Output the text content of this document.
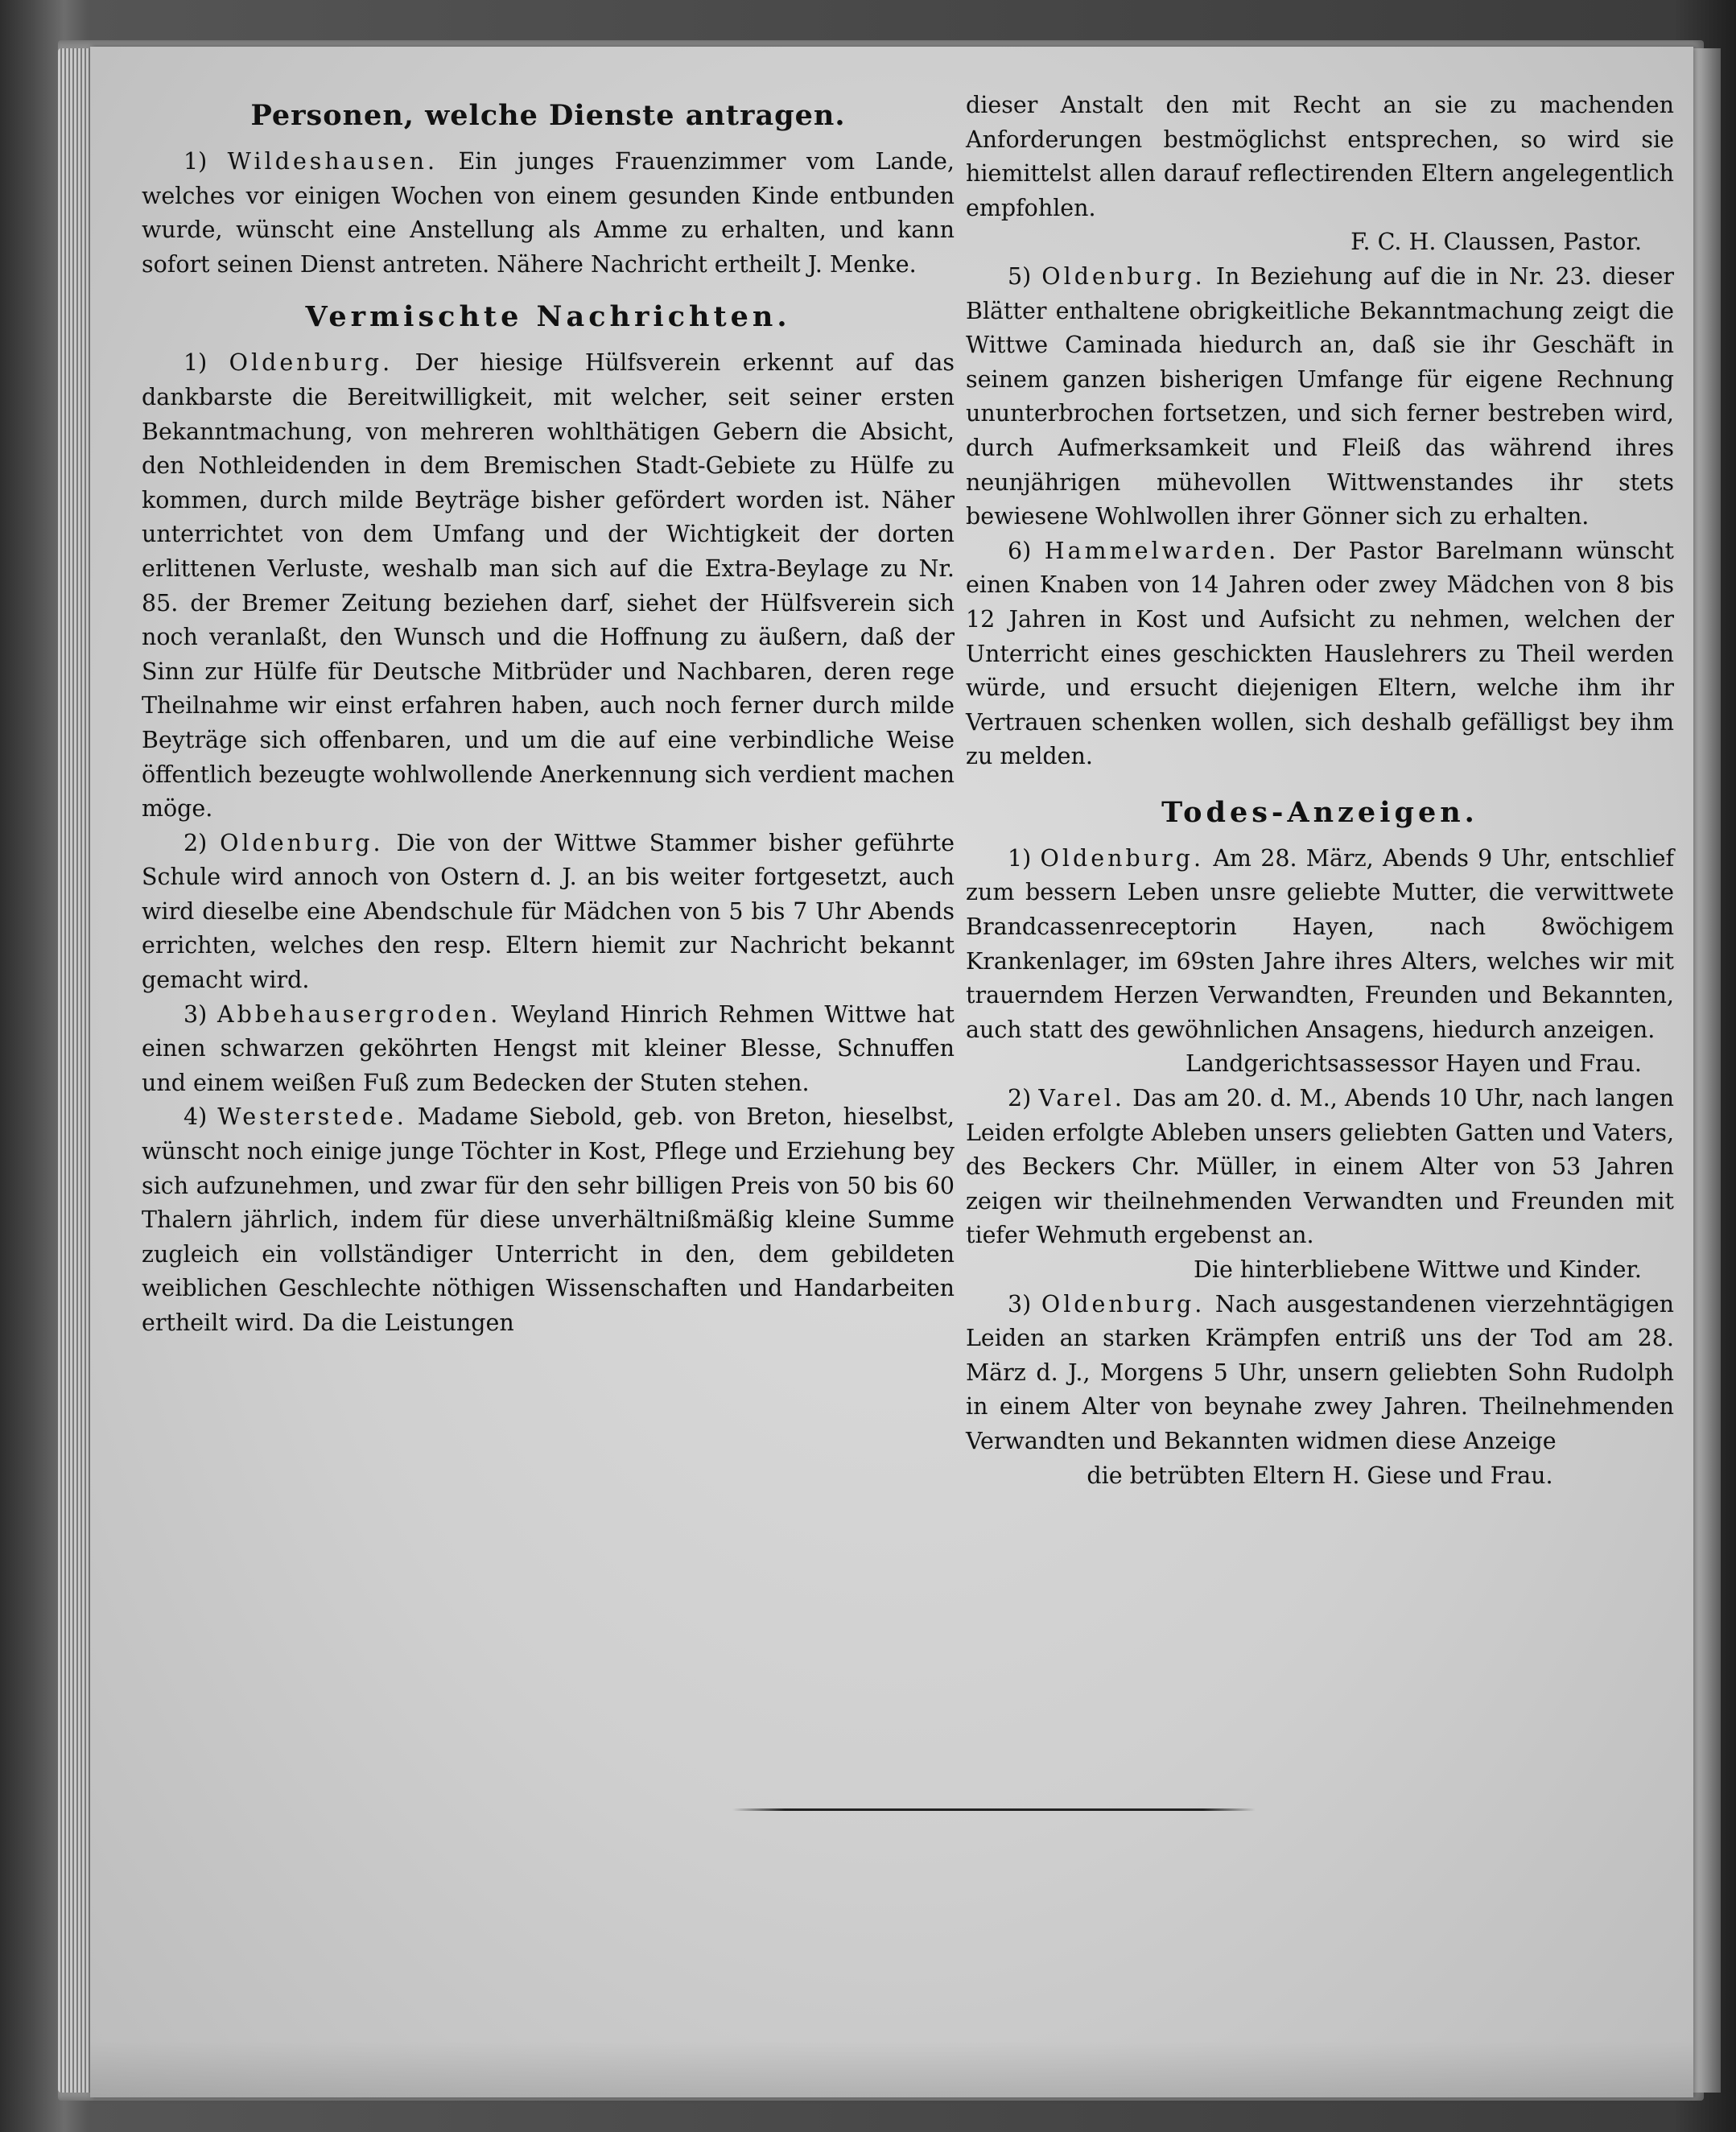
Personen, welche Dienste antragen.

1) Wildeshausen. Ein junges Frauenzimmer vom Lande, welches vor einigen Wochen von einem gesunden Kinde entbunden wurde, wünscht eine Anstellung als Amme zu erhalten, und kann sofort seinen Dienst antreten. Nähere Nachricht ertheilt J. Menke.

Vermischte Nachrichten.

1) Oldenburg. Der hiesige Hülfsverein erkennt auf das dankbarste die Bereitwilligkeit, mit welcher, seit seiner ersten Bekanntmachung, von mehreren wohlthätigen Gebern die Absicht, den Nothleidenden in dem Bremischen Stadt-Gebiete zu Hülfe zu kommen, durch milde Beyträge bisher gefördert worden ist. Näher unterrichtet von dem Umfang und der Wichtigkeit der dorten erlittenen Verluste, weshalb man sich auf die Extra-Beylage zu Nr. 85. der Bremer Zeitung beziehen darf, siehet der Hülfsverein sich noch veranlaßt, den Wunsch und die Hoffnung zu äußern, daß der Sinn zur Hülfe für Deutsche Mitbrüder und Nachbaren, deren rege Theilnahme wir einst erfahren haben, auch noch ferner durch milde Beyträge sich offenbaren, und um die auf eine verbindliche Weise öffentlich bezeugte wohlwollende Anerkennung sich verdient machen möge.

2) Oldenburg. Die von der Wittwe Stammer bisher geführte Schule wird annoch von Ostern d. J. an bis weiter fortgesetzt, auch wird dieselbe eine Abendschule für Mädchen von 5 bis 7 Uhr Abends errichten, welches den resp. Eltern hiemit zur Nachricht bekannt gemacht wird.

3) Abbehausergroden. Weyland Hinrich Rehmen Wittwe hat einen schwarzen geköhrten Hengst mit kleiner Blesse, Schnuffen und einem weißen Fuß zum Bedecken der Stuten stehen.

4) Westerstede. Madame Siebold, geb. von Breton, hieselbst, wünscht noch einige junge Töchter in Kost, Pflege und Erziehung bey sich aufzunehmen, und zwar für den sehr billigen Preis von 50 bis 60 Thalern jährlich, indem für diese unverhältnißmäßig kleine Summe zugleich ein vollständiger Unterricht in den, dem gebildeten weiblichen Geschlechte nöthigen Wissenschaften und Handarbeiten ertheilt wird. Da die Leistungen

dieser Anstalt den mit Recht an sie zu machenden Anforderungen bestmöglichst entsprechen, so wird sie hiemittelst allen darauf reflectirenden Eltern angelegentlich empfohlen.

F. C. H. Claussen, Pastor.

5) Oldenburg. In Beziehung auf die in Nr. 23. dieser Blätter enthaltene obrigkeitliche Bekanntmachung zeigt die Wittwe Caminada hiedurch an, daß sie ihr Geschäft in seinem ganzen bisherigen Umfange für eigene Rechnung ununterbrochen fortsetzen, und sich ferner bestreben wird, durch Aufmerksamkeit und Fleiß das während ihres neunjährigen mühevollen Wittwenstandes ihr stets bewiesene Wohlwollen ihrer Gönner sich zu erhalten.

6) Hammelwarden. Der Pastor Barelmann wünscht einen Knaben von 14 Jahren oder zwey Mädchen von 8 bis 12 Jahren in Kost und Aufsicht zu nehmen, welchen der Unterricht eines geschickten Hauslehrers zu Theil werden würde, und ersucht diejenigen Eltern, welche ihm ihr Vertrauen schenken wollen, sich deshalb gefälligst bey ihm zu melden.

Todes-Anzeigen.

1) Oldenburg. Am 28. März, Abends 9 Uhr, entschlief zum bessern Leben unsre geliebte Mutter, die verwittwete Brandcassenreceptorin Hayen, nach 8wöchigem Krankenlager, im 69sten Jahre ihres Alters, welches wir mit trauerndem Herzen Verwandten, Freunden und Bekannten, auch statt des gewöhnlichen Ansagens, hiedurch anzeigen.

Landgerichtsassessor Hayen und Frau.

2) Varel. Das am 20. d. M., Abends 10 Uhr, nach langen Leiden erfolgte Ableben unsers geliebten Gatten und Vaters, des Beckers Chr. Müller, in einem Alter von 53 Jahren zeigen wir theilnehmenden Verwandten und Freunden mit tiefer Wehmuth ergebenst an.

Die hinterbliebene Wittwe und Kinder.

3) Oldenburg. Nach ausgestandenen vierzehntägigen Leiden an starken Krämpfen entriß uns der Tod am 28. März d. J., Morgens 5 Uhr, unsern geliebten Sohn Rudolph in einem Alter von beynahe zwey Jahren. Theilnehmenden Verwandten und Bekannten widmen diese Anzeige

die betrübten Eltern H. Giese und Frau.
